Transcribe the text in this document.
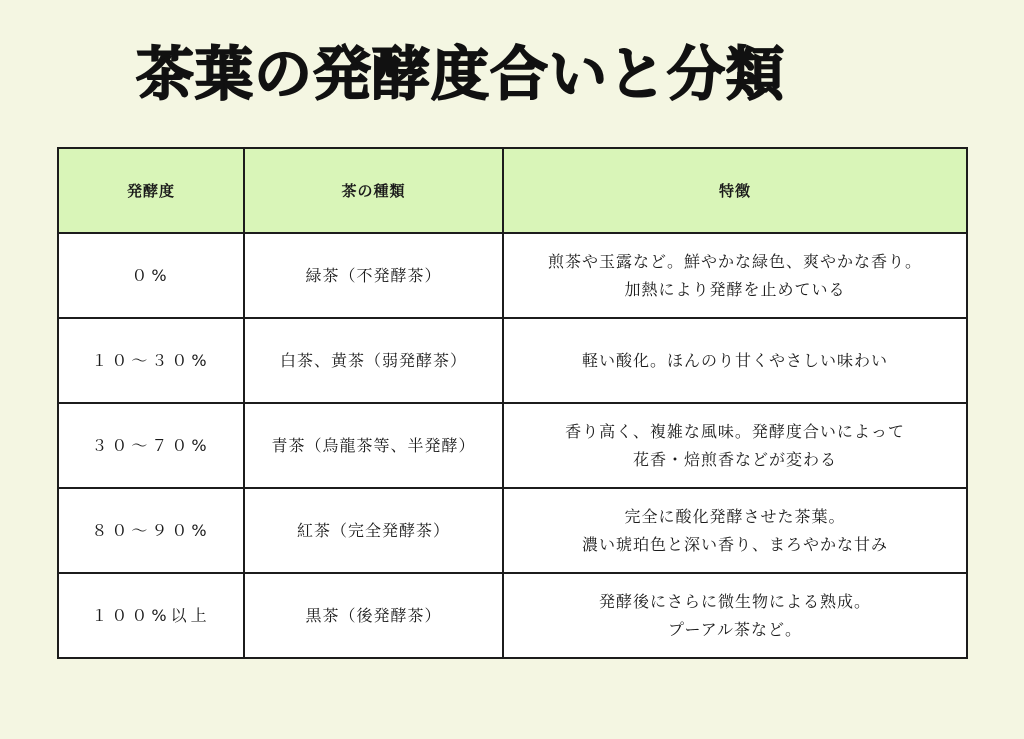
茶葉の発酵度合いと分類
発酵度	茶の種類	特徴
０%	緑茶（不発酵茶）	煎茶や玉露など。鮮やかな緑色、爽やかな香り。
加熱により発酵を止めている

１０～３０%	白茶、黄茶（弱発酵茶）	軽い酸化。ほんのり甘くやさしい味わい

３０～７０%	青茶（烏龍茶等、半発酵）	香り高く、複雑な風味。発酵度合いによって
花香・焙煎香などが変わる

８０～９０%	紅茶（完全発酵茶）	完全に酸化発酵させた茶葉。
濃い琥珀色と深い香り、まろやかな甘み

１００%以上	黒茶（後発酵茶）	発酵後にさらに微生物による熟成。
プーアル茶など。
